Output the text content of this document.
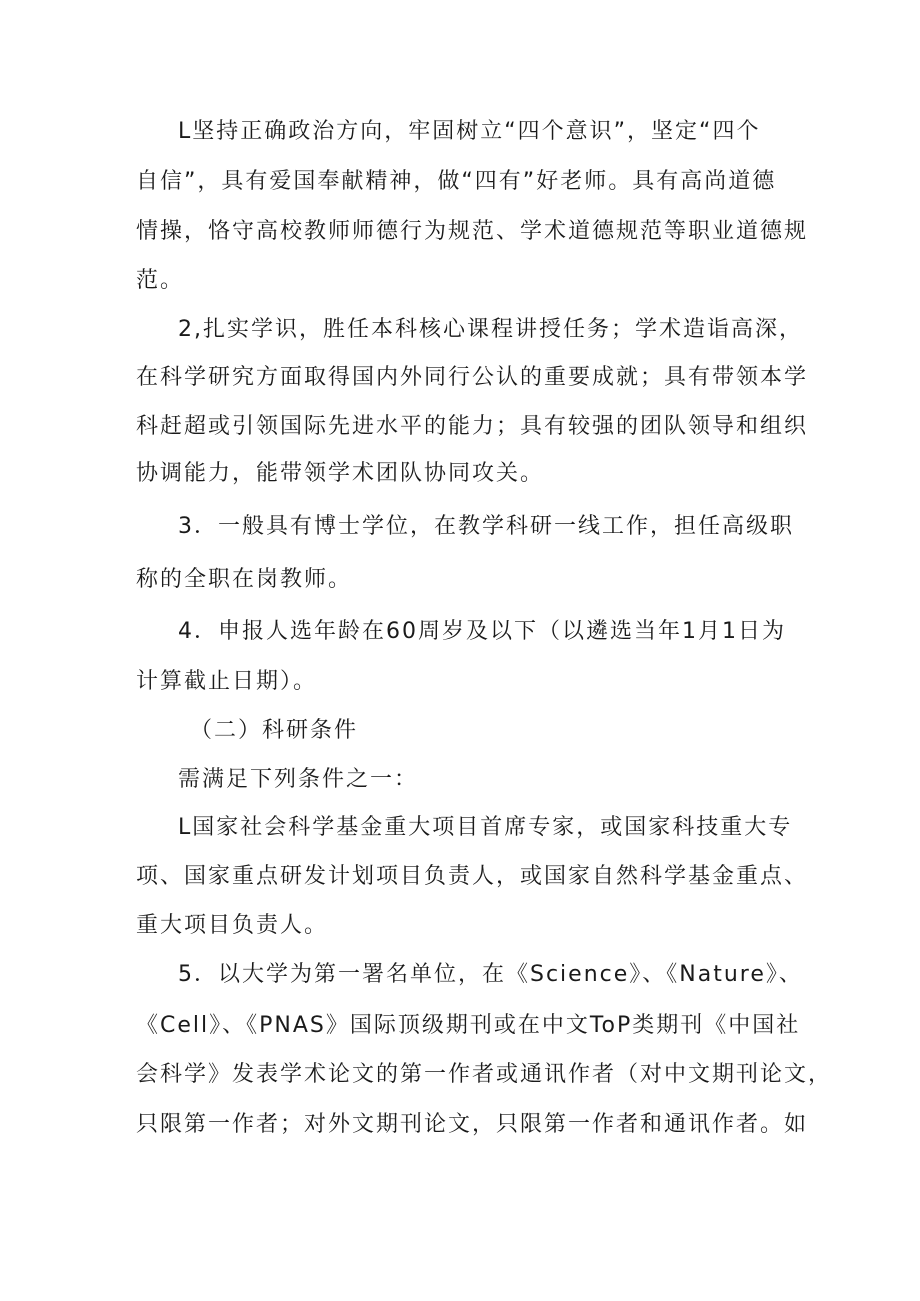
L坚持正确政治方向，牢固树立“四个意识”，坚定“四个
自信”，具有爱国奉献精神，做“四有”好老师。具有高尚道德
情操，恪守高校教师师德行为规范、学术道德规范等职业道德规
范。
2,扎实学识，胜任本科核心课程讲授任务；学术造诣高深，
在科学研究方面取得国内外同行公认的重要成就；具有带领本学
科赶超或引领国际先进水平的能力；具有较强的团队领导和组织
协调能力，能带领学术团队协同攻关。
3．一般具有博士学位，在教学科研一线工作，担任高级职
称的全职在岗教师。
4．申报人选年龄在60周岁及以下（以遴选当年1月1日为
计算截止日期）。
（二）科研条件
需满足下列条件之一：
L国家社会科学基金重大项目首席专家，或国家科技重大专
项、国家重点研发计划项目负责人，或国家自然科学基金重点、
重大项目负责人。
5．以大学为第一署名单位，在《Science》、《Nature》、
《Cell》、《PNAS》国际顶级期刊或在中文ToP类期刊《中国社
会科学》发表学术论文的第一作者或通讯作者（对中文期刊论文，
只限第一作者；对外文期刊论文，只限第一作者和通讯作者。如
